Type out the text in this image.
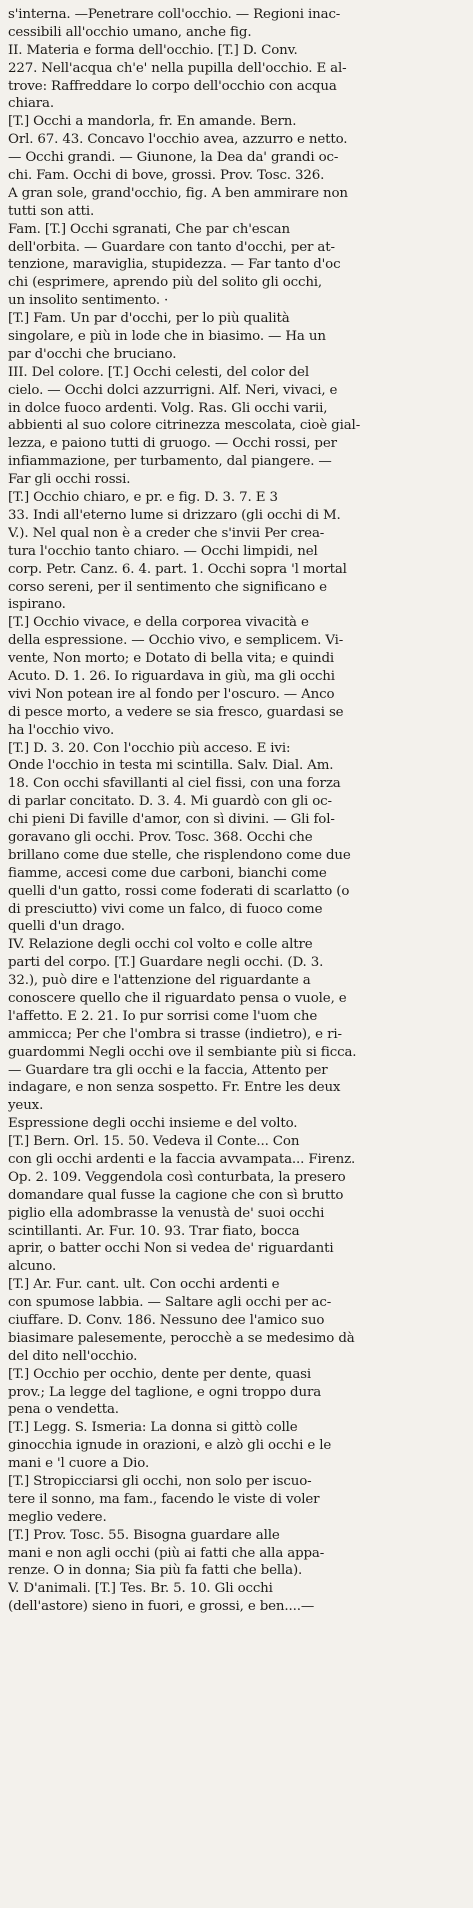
s'interna. —Penetrare coll'occhio. — Regioni inac-
cessibili all'occhio umano, anche fig.
II. Materia e forma dell'occhio. [T.] D. Conv.
227. Nell'acqua ch'e' nella pupilla dell'occhio. E al-
trove: Raffreddare lo corpo dell'occhio con acqua
chiara.
[T.] Occhi a mandorla, fr. En amande. Bern.
Orl. 67. 43. Concavo l'occhio avea, azzurro e netto.
— Occhi grandi. — Giunone, la Dea da' grandi oc-
chi. Fam. Occhi di bove, grossi. Prov. Tosc. 326.
A gran sole, grand'occhio, fig. A ben ammirare non
tutti son atti.
Fam. [T.] Occhi sgranati, Che par ch'escan
dell'orbita. — Guardare con tanto d'occhi, per at-
tenzione, maraviglia, stupidezza. — Far tanto d'oc
chi (esprimere, aprendo più del solito gli occhi,
un insolito sentimento. ·
[T.] Fam. Un par d'occhi, per lo più qualità
singolare, e più in lode che in biasimo. — Ha un
par d'occhi che bruciano.
III. Del colore. [T.] Occhi celesti, del color del
cielo. — Occhi dolci azzurrigni. Alf. Neri, vivaci, e
in dolce fuoco ardenti. Volg. Ras. Gli occhi varii,
abbienti al suo colore citrinezza mescolata, cioè gial-
lezza, e paiono tutti di gruogo. — Occhi rossi, per
infiammazione, per turbamento, dal piangere. —
Far gli occhi rossi.
[T.] Occhio chiaro, e pr. e fig. D. 3. 7. E 3
33. Indi all'eterno lume si drizzaro (gli occhi di M.
V.). Nel qual non è a creder che s'invii Per crea-
tura l'occhio tanto chiaro. — Occhi limpidi, nel
corp. Petr. Canz. 6. 4. part. 1. Occhi sopra 'l mortal
corso sereni, per il sentimento che significano e
ispirano.
[T.] Occhio vivace, e della corporea vivacità e
della espressione. — Occhio vivo, e semplicem. Vi-
vente, Non morto; e Dotato di bella vita; e quindi
Acuto. D. 1. 26. Io riguardava in giù, ma gli occhi
vivi Non potean ire al fondo per l'oscuro. — Anco
di pesce morto, a vedere se sia fresco, guardasi se
ha l'occhio vivo.
[T.] D. 3. 20. Con l'occhio più acceso. E ivi:
Onde l'occhio in testa mi scintilla. Salv. Dial. Am.
18. Con occhi sfavillanti al ciel fissi, con una forza
di parlar concitato. D. 3. 4. Mi guardò con gli oc-
chi pieni Di faville d'amor, con sì divini. — Gli fol-
goravano gli occhi. Prov. Tosc. 368. Occhi che
brillano come due stelle, che risplendono come due
fiamme, accesi come due carboni, bianchi come
quelli d'un gatto, rossi come foderati di scarlatto (o
di presciutto) vivi come un falco, di fuoco come
quelli d'un drago.
IV. Relazione degli occhi col volto e colle altre
parti del corpo. [T.] Guardare negli occhi. (D. 3.
32.), può dire e l'attenzione del riguardante a
conoscere quello che il riguardato pensa o vuole, e
l'affetto. E 2. 21. Io pur sorrisi come l'uom che
ammicca; Per che l'ombra si trasse (indietro), e ri-
guardommi Negli occhi ove il sembiante più si ficca.
— Guardare tra gli occhi e la faccia, Attento per
indagare, e non senza sospetto. Fr. Entre les deux
yeux.
Espressione degli occhi insieme e del volto.
[T.] Bern. Orl. 15. 50. Vedeva il Conte... Con
con gli occhi ardenti e la faccia avvampata... Firenz.
Op. 2. 109. Veggendola così conturbata, la presero
domandare qual fusse la cagione che con sì brutto
piglio ella adombrasse la venustà de' suoi occhi
scintillanti. Ar. Fur. 10. 93. Trar fiato, bocca
aprir, o batter occhi Non si vedea de' riguardanti
alcuno.
[T.] Ar. Fur. cant. ult. Con occhi ardenti e
con spumose labbia. — Saltare agli occhi per ac-
ciuffare. D. Conv. 186. Nessuno dee l'amico suo
biasimare palesemente, perocchè a se medesimo dà
del dito nell'occhio.
[T.] Occhio per occhio, dente per dente, quasi
prov.; La legge del taglione, e ogni troppo dura
pena o vendetta.
[T.] Legg. S. Ismeria: La donna si gittò colle
ginocchia ignude in orazioni, e alzò gli occhi e le
mani e 'l cuore a Dio.
[T.] Stropicciarsi gli occhi, non solo per iscuo-
tere il sonno, ma fam., facendo le viste di voler
meglio vedere.
[T.] Prov. Tosc. 55. Bisogna guardare alle
mani e non agli occhi (più ai fatti che alla appa-
renze. O in donna; Sia più fa fatti che bella).
V. D'animali. [T.] Tes. Br. 5. 10. Gli occhi
(dell'astore) sieno in fuori, e grossi, e ben....—
